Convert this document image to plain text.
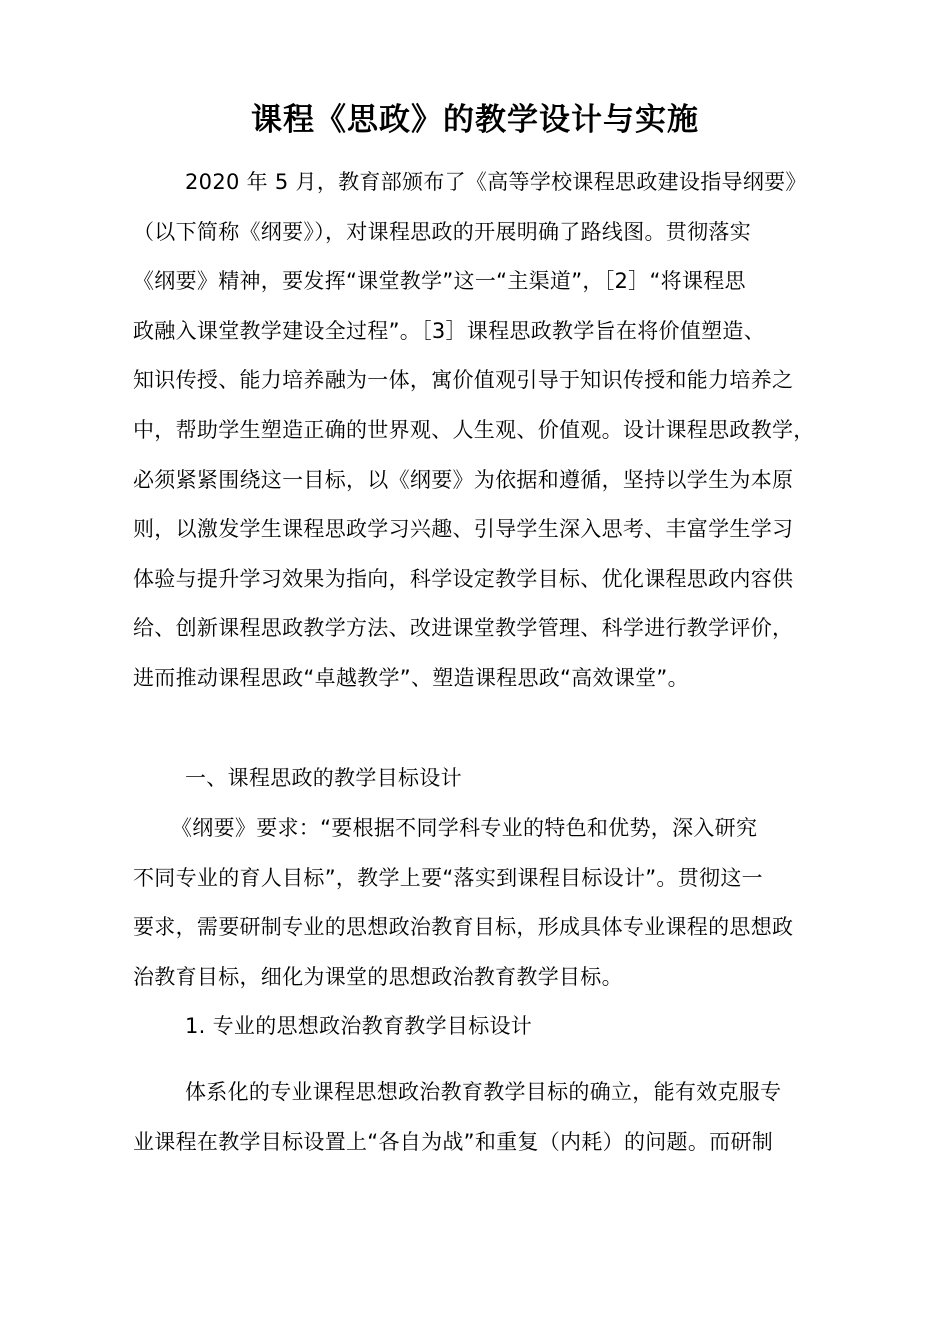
课程《思政》的教学设计与实施
2020 年 5 月，教育部颁布了《高等学校课程思政建设指导纲要》
（以下简称《纲要》），对课程思政的开展明确了路线图。贯彻落实
《纲要》精神，要发挥“课堂教学”这一“主渠道”，［2］“将课程思
政融入课堂教学建设全过程”。［3］课程思政教学旨在将价值塑造、
知识传授、能力培养融为一体，寓价值观引导于知识传授和能力培养之
中，帮助学生塑造正确的世界观、人生观、价值观。设计课程思政教学，
必须紧紧围绕这一目标，以《纲要》为依据和遵循，坚持以学生为本原
则，以激发学生课程思政学习兴趣、引导学生深入思考、丰富学生学习
体验与提升学习效果为指向，科学设定教学目标、优化课程思政内容供
给、创新课程思政教学方法、改进课堂教学管理、科学进行教学评价，
进而推动课程思政“卓越教学”、塑造课程思政“高效课堂”。
一、课程思政的教学目标设计
《纲要》要求：“要根据不同学科专业的特色和优势，深入研究
不同专业的育人目标”，教学上要“落实到课程目标设计”。贯彻这一
要求，需要研制专业的思想政治教育目标，形成具体专业课程的思想政
治教育目标，细化为课堂的思想政治教育教学目标。
1. 专业的思想政治教育教学目标设计
体系化的专业课程思想政治教育教学目标的确立，能有效克服专
业课程在教学目标设置上“各自为战”和重复（内耗）的问题。而研制
